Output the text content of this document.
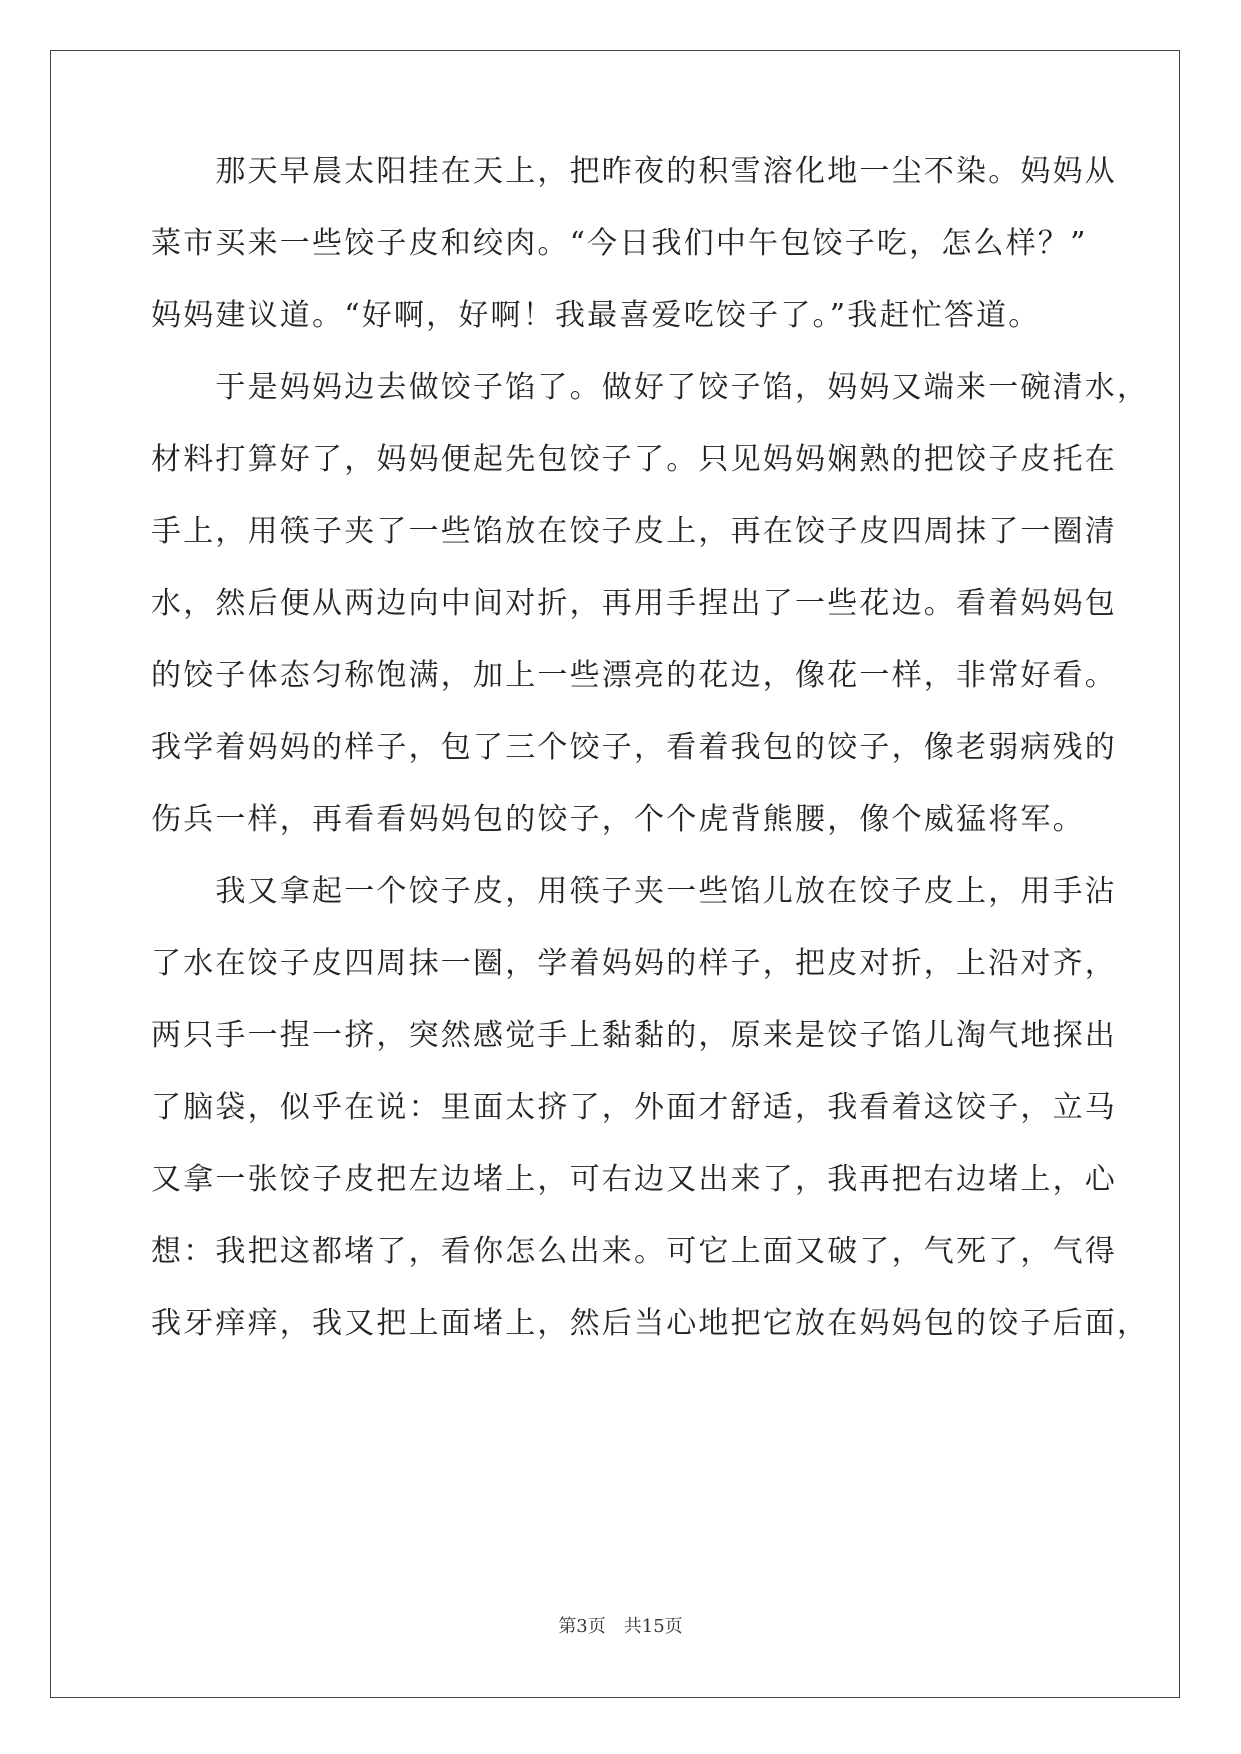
　　那天早晨太阳挂在天上，把昨夜的积雪溶化地一尘不染。妈妈从
菜市买来一些饺子皮和绞肉。“今日我们中午包饺子吃，怎么样？”
妈妈建议道。“好啊，好啊！我最喜爱吃饺子了。”我赶忙答道。
　　于是妈妈边去做饺子馅了。做好了饺子馅，妈妈又端来一碗清水，
材料打算好了，妈妈便起先包饺子了。只见妈妈娴熟的把饺子皮托在
手上，用筷子夹了一些馅放在饺子皮上，再在饺子皮四周抹了一圈清
水，然后便从两边向中间对折，再用手捏出了一些花边。看着妈妈包
的饺子体态匀称饱满，加上一些漂亮的花边，像花一样，非常好看。
我学着妈妈的样子，包了三个饺子，看着我包的饺子，像老弱病残的
伤兵一样，再看看妈妈包的饺子，个个虎背熊腰，像个威猛将军。
　　我又拿起一个饺子皮，用筷子夹一些馅儿放在饺子皮上，用手沾
了水在饺子皮四周抹一圈，学着妈妈的样子，把皮对折，上沿对齐，
两只手一捏一挤，突然感觉手上黏黏的，原来是饺子馅儿淘气地探出
了脑袋，似乎在说：里面太挤了，外面才舒适，我看着这饺子，立马
又拿一张饺子皮把左边堵上，可右边又出来了，我再把右边堵上，心
想：我把这都堵了，看你怎么出来。可它上面又破了，气死了，气得
我牙痒痒，我又把上面堵上，然后当心地把它放在妈妈包的饺子后面，
第3页　共15页
